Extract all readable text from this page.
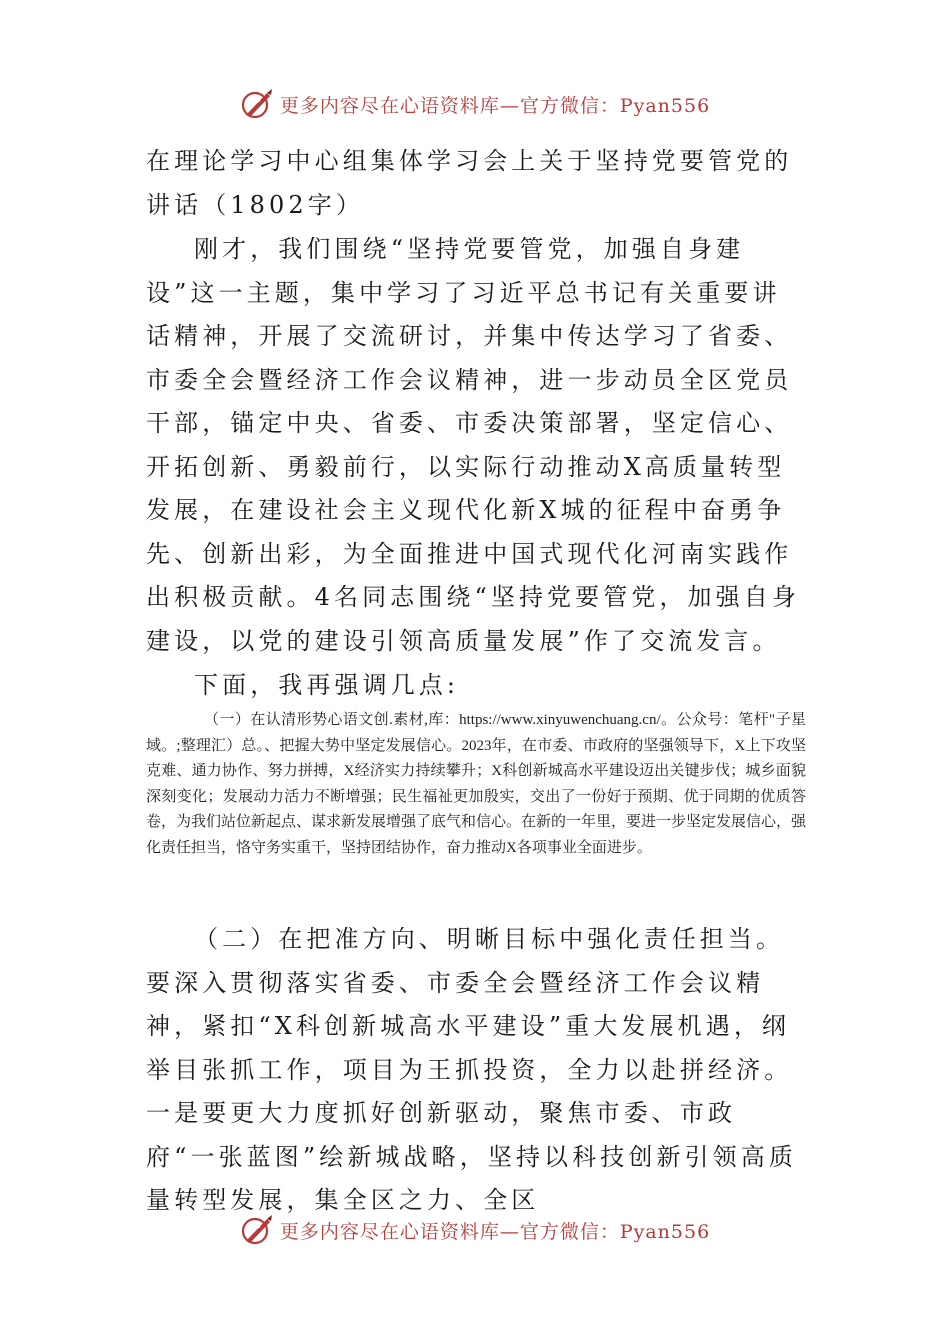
更多内容尽在心语资料库—官方微信：Pyan556
在理论学习中心组集体学习会上关于坚持党要管党的讲话（1802字）
刚才，我们围绕“坚持党要管党，加强自身建设”这一主题，集中学习了习近平总书记有关重要讲话精神，开展了交流研讨，并集中传达学习了省委、市委全会暨经济工作会议精神，进一步动员全区党员干部，锚定中央、省委、市委决策部署，坚定信心、开拓创新、勇毅前行，以实际行动推动X高质量转型发展，在建设社会主义现代化新X城的征程中奋勇争先、创新出彩，为全面推进中国式现代化河南实践作出积极贡献。4名同志围绕“坚持党要管党，加强自身建设，以党的建设引领高质量发展”作了交流发言。
下面，我再强调几点:
（一）在认清形势心语文创.素材,库：https://www.xinyuwenchuang.cn/。公众号：笔杆"子星域。;整理汇）总。、把握大势中坚定发展信心。2023年，在市委、市政府的坚强领导下，X上下攻坚克难、通力协作、努力拼搏，X经济实力持续攀升；X科创新城高水平建设迈出关键步伐；城乡面貌深刻变化；发展动力活力不断增强；民生福祉更加殷实，交出了一份好于预期、优于同期的优质答卷，为我们站位新起点、谋求新发展增强了底气和信心。在新的一年里，要进一步坚定发展信心，强化责任担当，恪守务实重干，坚持团结协作，奋力推动X各项事业全面进步。
（二）在把准方向、明晰目标中强化责任担当。要深入贯彻落实省委、市委全会暨经济工作会议精神，紧扣“X科创新城高水平建设”重大发展机遇，纲举目张抓工作，项目为王抓投资，全力以赴拼经济。一是要更大力度抓好创新驱动，聚焦市委、市政府“一张蓝图”绘新城战略，坚持以科技创新引领高质量转型发展，集全区之力、全区
更多内容尽在心语资料库—官方微信：Pyan556
